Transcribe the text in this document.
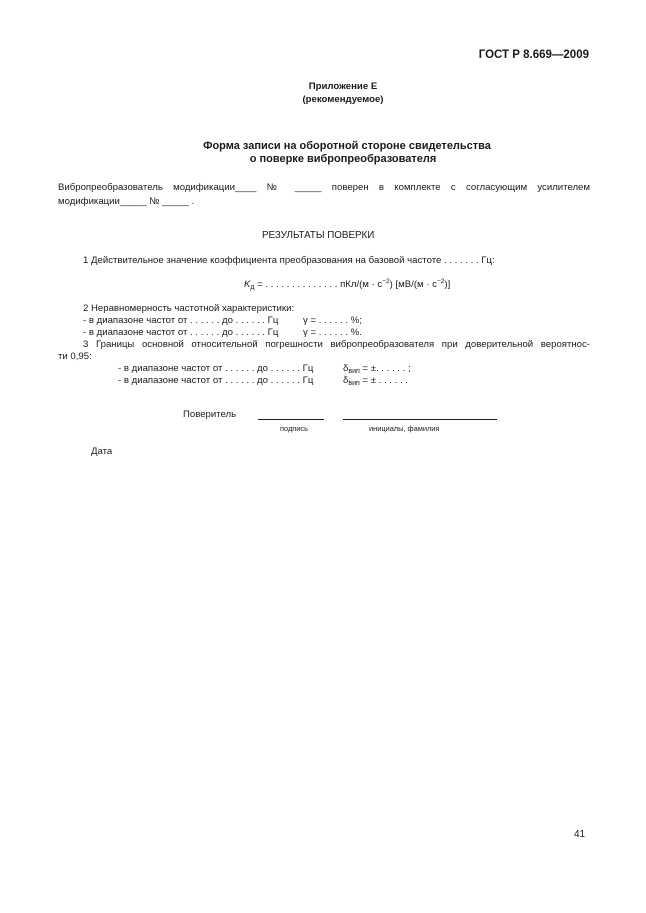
ГОСТ Р 8.669—2009
Приложение Е
(рекомендуемое)
Форма записи на оборотной стороне свидетельства
о поверке вибропреобразователя
Вибропреобразователь модификации____ № _____ поверен в комплекте с согласующим усилителем
модификации_____ № _____ .
РЕЗУЛЬТАТЫ ПОВЕРКИ
1 Действительное значение коэффициента преобразования на базовой частоте . . . . . . . Гц:
$K_д$ = . . . . . . . . . . . . . . $пКл/(м \cdot с^{-2})$ $[мВ/(м \cdot с^{-2})]$
2 Неравномерность частотной характеристики:
- в диапазоне частот от . . . . . . до . . . . . . Гц	γ = . . . . . . %;
- в диапазоне частот от . . . . . . до . . . . . . Гц	γ = . . . . . . %.
3 Границы основной относительной погрешности вибропреобразователя при доверительной вероятнос-
ти 0,95:
- в диапазоне частот от . . . . . . до . . . . . . Гц	$\delta_{вип}$ = ±. . . . . . ;
- в диапазоне частот от . . . . . . до . . . . . . Гц	$\delta_{вип}$ = ± . . . . . .
Поверитель
подпись	инициалы, фамилия
Дата
41
